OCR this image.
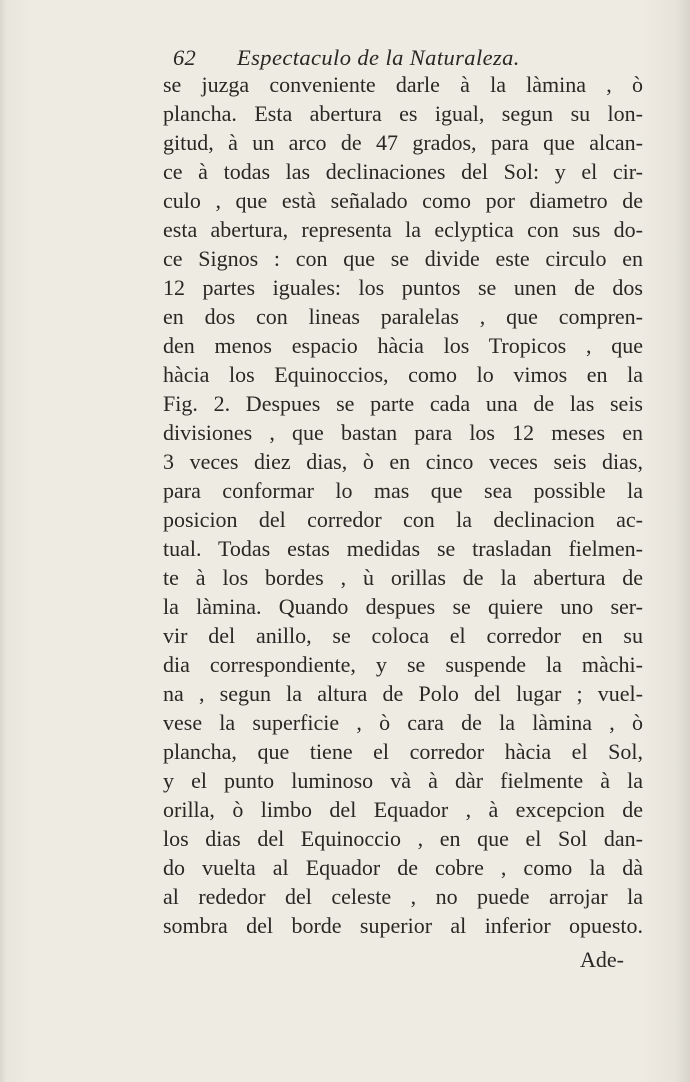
62	Espectaculo de la Naturaleza.
se juzga conveniente darle à la làmina , ò
plancha. Esta abertura es igual, segun su lon-
gitud, à un arco de 47 grados, para que alcan-
ce à todas las declinaciones del Sol: y el cir-
culo , que està señalado como por diametro de
esta abertura, representa la eclyptica con sus do-
ce Signos : con que se divide este circulo en
12 partes iguales: los puntos se unen de dos
en dos con lineas paralelas , que compren-
den menos espacio hàcia los Tropicos , que
hàcia los Equinoccios, como lo vimos en la
Fig. 2. Despues se parte cada una de las seis
divisiones , que bastan para los 12 meses en
3 veces diez dias, ò en cinco veces seis dias,
para conformar lo mas que sea possible la
posicion del corredor con la declinacion ac-
tual. Todas estas medidas se trasladan fielmen-
te à los bordes , ù orillas de la abertura de
la làmina. Quando despues se quiere uno ser-
vir del anillo, se coloca el corredor en su
dia correspondiente, y se suspende la màchi-
na , segun la altura de Polo del lugar ; vuel-
vese la superficie , ò cara de la làmina , ò
plancha, que tiene el corredor hàcia el Sol,
y el punto luminoso và à dàr fielmente à la
orilla, ò limbo del Equador , à excepcion de
los dias del Equinoccio , en que el Sol dan-
do vuelta al Equador de cobre , como la dà
al rededor del celeste , no puede arrojar la
sombra del borde superior al inferior opuesto.
Ade-
